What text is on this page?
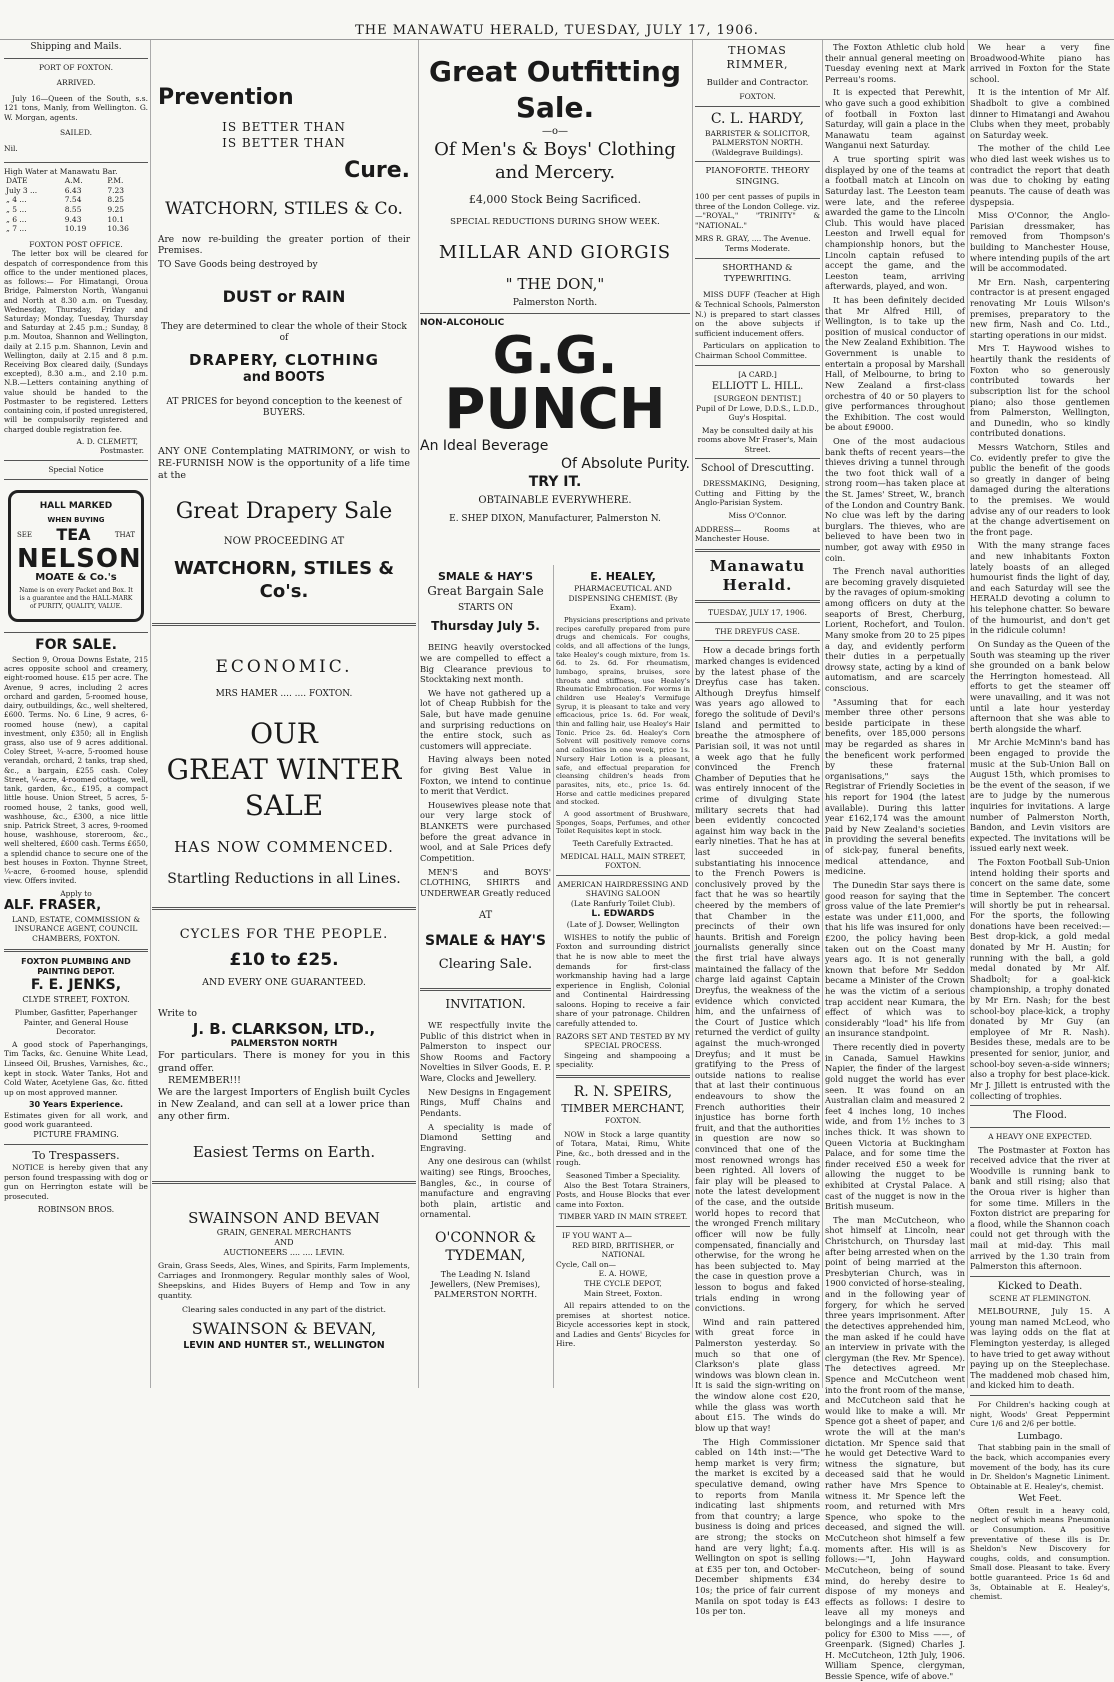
THE MANAWATU HERALD, TUESDAY, JULY 17, 1906.
Shipping and Mails.
PORT OF FOXTON.
ARRIVED.
July 16—Queen of the South, s.s. 121 tons, Manly, from Wellington. G. W. Morgan, agents.
SAILED.
Nil.
High Water at Manawatu Bar.
DATE	A.M.	P.M.
July 3 ...	6.43	7.23
„ 4 ...	7.54	8.25
„ 5 ...	8.55	9.25
„ 6 ...	9.43	10.1
„ 7 ...	10.19	10.36
FOXTON POST OFFICE.
The letter box will be cleared for despatch of correspondence from this office to the under mentioned places, as follows:— For Himatangi, Oroua Bridge, Palmerston North, Wanganui and North at 8.30 a.m. on Tuesday, Wednesday, Thursday, Friday and Saturday; Monday, Tuesday, Thursday and Saturday at 2.45 p.m.; Sunday, 8 p.m. Moutoa, Shannon and Wellington, daily at 2.15 p.m. Shannon, Levin and Wellington, daily at 2.15 and 8 p.m. Receiving Box cleared daily, (Sundays excepted), 8.30 a.m., and 2.10 p.m. N.B.—Letters containing anything of value should be handed to the Postmaster to be registered. Letters containing coin, if posted unregistered, will be compulsorily registered and charged double registration fee.
A. D. CLEMETT,
Postmaster.
Special Notice
HALL MARKED
WHEN BUYING
SEE TEA	THAT
NELSON
MOATE & Co.'s
Name is on every Packet and Box. It is a guarantee and the HALL-MARK of PURITY, QUALITY, VALUE.
FOR SALE.
Section 9, Oroua Downs Estate, 215 acres opposite school and creamery, eight-roomed house. £15 per acre. The Avenue, 9 acres, including 2 acres orchard and garden, 5-roomed house, dairy, outbuildings, &c., well sheltered, £600. Terms. No. 6 Line, 9 acres, 6-roomed house (new), a capital investment, only £350; all in English grass, also use of 9 acres additional. Coley Street, ¼-acre, 5-roomed house verandah, orchard, 2 tanks, trap shed, &c., a bargain, £255 cash. Coley Street, ¼-acre, 4-roomed cottage, well, tank, garden, &c., £195, a compact little house. Union Street, 5 acres, 5-roomed house, 2 tanks, good well, washhouse, &c., £300, a nice little snip. Patrick Street, 3 acres, 9-roomed house, washhouse, storeroom, &c., well sheltered, £600 cash. Terms £650, a splendid chance to secure one of the best houses in Foxton. Thynne Street, ¼-acre, 6-roomed house, splendid view. Offers invited.
Apply to
ALF. FRASER,
LAND, ESTATE, COMMISSION & INSURANCE AGENT, COUNCIL CHAMBERS, FOXTON.
FOXTON PLUMBING AND PAINTING DEPOT.
F. E. JENKS,
CLYDE STREET, FOXTON.
Plumber, Gasfitter, Paperhanger Painter, and General House Decorator.
A good stock of Paperhangings, Tim Tacks, &c. Genuine White Lead, Linseed Oil, Brushes, Varnishes, &c., kept in stock. Water Tanks, Hot and Cold Water, Acetylene Gas, &c. fitted up on most approved manner.
30 Years Experience.
Estimates given for all work, and good work guaranteed.
PICTURE FRAMING.
To Trespassers.
NOTICE is hereby given that any person found trespassing with dog or gun on Herrington estate will be prosecuted.
ROBINSON BROS.
Prevention
IS BETTER THAN
IS BETTER THAN
Cure.
WATCHORN, STILES & Co.
Are now re-building the greater portion of their Premises.
TO Save Goods being destroyed by
DUST or RAIN
They are determined to clear the whole of their Stock of
DRAPERY, CLOTHING
and BOOTS
AT PRICES for beyond conception to the keenest of BUYERS.
ANY ONE Contemplating MATRIMONY, or wish to RE-FURNISH NOW is the opportunity of a life time at the
Great Drapery Sale
NOW PROCEEDING AT
WATCHORN, STILES & Co's.
ECONOMIC.
MRS HAMER .... .... FOXTON.
OUR
GREAT WINTER
SALE
HAS NOW COMMENCED.
Startling Reductions in all Lines.
CYCLES FOR THE PEOPLE.
£10 to £25.
AND EVERY ONE GUARANTEED.
Write to
J. B. CLARKSON, LTD.,
PALMERSTON NORTH
For particulars. There is money for you in this grand offer.
REMEMBER!!!
We are the largest Importers of English built Cycles in New Zealand, and can sell at a lower price than any other firm.
Easiest Terms on Earth.
SWAINSON AND BEVAN
GRAIN, GENERAL MERCHANTS
AND
AUCTIONEERS .... .... LEVIN.
Grain, Grass Seeds, Ales, Wines, and Spirits, Farm Implements, Carriages and Ironmongery. Regular monthly sales of Wool, Sheepskins, and Hides Buyers of Hemp and Tow in any quantity.
Clearing sales conducted in any part of the district.
SWAINSON & BEVAN,
LEVIN AND HUNTER ST., WELLINGTON
Great Outfitting
Sale.
—o—
Of Men's & Boys' Clothing
and Mercery.
£4,000 Stock Being Sacrificed.
SPECIAL REDUCTIONS DURING SHOW WEEK.
MILLAR AND GIORGIS
" THE DON,"
Palmerston North.
NON-ALCOHOLIC
G.G.
PUNCH
An Ideal Beverage
Of Absolute Purity.
TRY IT.
OBTAINABLE EVERYWHERE.
E. SHEP DIXON, Manufacturer, Palmerston N.
SMALE & HAY'S
Great Bargain Sale
STARTS ON
Thursday July 5.
BEING heavily overstocked we are compelled to effect a Big Clearance previous to Stocktaking next month.
We have not gathered up a lot of Cheap Rubbish for the Sale, but have made genuine and surprising reductions on the entire stock, such as customers will appreciate.
Having always been noted for giving Best Value in Foxton, we intend to continue to merit that Verdict.
Housewives please note that our very large stock of BLANKETS were purchased before the great advance in wool, and at Sale Prices defy Competition.
MEN'S and BOYS' CLOTHING, SHIRTS and UNDERWEAR Greatly reduced
AT
SMALE & HAY'S
Clearing Sale.
INVITATION.
WE respectfully invite the Public of this district when in Palmerston to inspect our Show Rooms and Factory Novelties in Silver Goods, E. P. Ware, Clocks and Jewellery.
New Designs in Engagement Rings, Muff Chains and Pendants.
A speciality is made of Diamond Setting and Engraving.
Any one desirous can (whilst waiting) see Rings, Brooches, Bangles, &c., in course of manufacture and engraving both plain, artistic and ornamental.
O'CONNOR &
TYDEMAN,
The Leading N. Island Jewellers, (New Premises),
PALMERSTON NORTH.
E. HEALEY,
PHARMACEUTICAL AND DISPENSING CHEMIST. (By Exam).
Physicians prescriptions and private recipes carefully prepared from pure drugs and chemicals. For coughs, colds, and all affections of the lungs, take Healey's cough mixture, from 1s. 6d. to 2s. 6d. For rheumatism, lumbago, sprains, bruises, sore throats and stiffness, use Healey's Rheumatic Embrocation. For worms in children use Healey's Vermifuge Syrup, it is pleasant to take and very efficacious, price 1s. 6d. For weak, thin and falling hair, use Healey's Hair Tonic. Price 2s. 6d. Healey's Corn Solvent will positively remove corns and callosities in one week, price 1s. Nursery Hair Lotion is a pleasant, safe, and effectual preparation for cleansing children's heads from parasites, nits, etc., price 1s. 6d. Horse and cattle medicines prepared and stocked.
A good assortment of Brushware, Sponges, Soaps, Perfumes, and other Toilet Requisites kept in stock.
Teeth Carefully Extracted.
MEDICAL HALL, MAIN STREET, FOXTON.
AMERICAN HAIRDRESSING AND
SHAVING SALOON
(Late Ranfurly Toilet Club).
L. EDWARDS
(Late of J. Dowser, Wellington
WISHES to notify the public of Foxton and surrounding district that he is now able to meet the demands for first-class workmanship having had a large experience in English, Colonial and Continental Hairdressing saloons. Hoping to receive a fair share of your patronage. Children carefully attended to.
RAZORS SET AND TESTED BY MY SPECIAL PROCESS.
Singeing and shampooing a speciality.
R. N. SPEIRS,
TIMBER MERCHANT,
FOXTON.
NOW in Stock a large quantity of Totara, Matai, Rimu, White Pine, &c., both dressed and in the rough.
Seasoned Timber a Speciality.
Also the Best Totara Strainers, Posts, and House Blocks that ever came into Foxton.
TIMBER YARD IN MAIN STREET.
IF YOU WANT A—
RED BIRD, BRITISHER, or NATIONAL
Cycle, Call on—
E. A. HOWE,
THE CYCLE DEPOT,
Main Street, Foxton.
All repairs attended to on the premises at shortest notice. Bicycle accessories kept in stock, and Ladies and Gents' Bicycles for Hire.
THOMAS RIMMER,
Builder and Contractor.
FOXTON.
C. L. HARDY,
BARRISTER & SOLICITOR,
PALMERSTON NORTH.
(Waldegrave Buildings).
PIANOFORTE. THEORY SINGING.
100 per cent passes of pupils in three of the London College. viz.—"ROYAL," "TRINITY" & "NATIONAL."
MRS R. GRAY, .... The Avenue.
Terms Moderate.
SHORTHAND & TYPEWRITING.
MISS DUFF (Teacher at High & Technical Schools, Palmerston N.) is prepared to start classes on the above subjects if sufficient inducement offers.
Particulars on application to Chairman School Committee.
[A CARD.]
ELLIOTT L. HILL.
[SURGEON DENTIST.]
Pupil of Dr Lowe, D.D.S., L.D.D., Guy's Hospital.
May be consulted daily at his rooms above Mr Fraser's, Main Street.
School of Drescutting.
DRESSMAKING, Designing, Cutting and Fitting by the Anglo-Parisian System.
Miss O'Connor.
ADDRESS— Rooms at Manchester House.
Manawatu Herald.
TUESDAY, JULY 17, 1906.
THE DREYFUS CASE.
How a decade brings forth marked changes is evidenced by the latest phase of the Dreyfus case has taken. Although Dreyfus himself was years ago allowed to forego the solitude of Devil's Island and permitted to breathe the atmosphere of Parisian soil, it was not until a week ago that he fully convinced the French Chamber of Deputies that he was entirely innocent of the crime of divulging State military secrets that had been evidently concocted against him way back in the early nineties. That he has at last succeeded in substantiating his innocence to the French Powers is conclusively proved by the fact that he was so heartily cheered by the members of that Chamber in the precincts of their own haunts. British and Foreign journalists generally since the first trial have always maintained the fallacy of the charge laid against Captain Dreyfus, the weakness of the evidence which convicted him, and the unfairness of the Court of Justice which returned the verdict of guilty against the much-wronged Dreyfus; and it must be gratifying to the Press of outside nations to realise that at last their continuous endeavours to show the French authorities their injustice has borne forth fruit, and that the authorities in question are now so convinced that one of the most renowned wrongs has been righted. All lovers of fair play will be pleased to note the latest development of the case, and the outside world hopes to record that the wronged French military officer will now be fully compensated, financially and otherwise, for the wrong he has been subjected to. May the case in question prove a lesson to bogus and faked trials ending in wrong convictions.
Wind and rain pattered with great force in Palmerston yesterday. So much so that one of Clarkson's plate glass windows was blown clean in. It is said the sign-writing on the window alone cost £20, while the glass was worth about £15. The winds do blow up that way!
The High Commissioner cabled on 14th inst:—"The hemp market is very firm; the market is excited by a speculative demand, owing to reports from Manila indicating last shipments from that country; a large business is doing and prices are strong; the stocks on hand are very light; f.a.q. Wellington on spot is selling at £35 per ton, and October-December shipments £34 10s; the price of fair current Manila on spot today is £43 10s per ton.
The Foxton Athletic club hold their annual general meeting on Tuesday evening next at Mark Perreau's rooms.
It is expected that Perewhit, who gave such a good exhibition of football in Foxton last Saturday, will gain a place in the Manawatu team against Wanganui next Saturday.
A true sporting spirit was displayed by one of the teams at a football match at Lincoln on Saturday last. The Leeston team were late, and the referee awarded the game to the Lincoln Club. This would have placed Leeston and Irwell equal for championship honors, but the Lincoln captain refused to accept the game, and the Leeston team, arriving afterwards, played, and won.
It has been definitely decided that Mr Alfred Hill, of Wellington, is to take up the position of musical conductor of the New Zealand Exhibition. The Government is unable to entertain a proposal by Marshall Hall, of Melbourne, to bring to New Zealand a first-class orchestra of 40 or 50 players to give performances throughout the Exhibition. The cost would be about £9000.
One of the most audacious bank thefts of recent years—the thieves driving a tunnel through the two foot thick wall of a strong room—has taken place at the St. James' Street, W., branch of the London and Country Bank. No clue was left by the daring burglars. The thieves, who are believed to have been two in number, got away with £950 in coin.
The French naval authorities are becoming gravely disquieted by the ravages of opium-smoking among officers on duty at the seaports of Brest, Cherburg, Lorient, Rochefort, and Toulon. Many smoke from 20 to 25 pipes a day, and evidently perform their duties in a perpetually drowsy state, acting by a kind of automatism, and are scarcely conscious.
"Assuming that for each member three other persons beside participate in these benefits, over 185,000 persons may be regarded as shares in the beneficent work performed by these fraternal organisations," says the Registrar of Friendly Societies in his report for 1904 (the latest available). During this latter year £162,174 was the amount paid by New Zealand's societies in providing the several benefits of sick-pay, funeral benefits, medical attendance, and medicine.
The Dunedin Star says there is good reason for saying that the gross value of the late Premier's estate was under £11,000, and that his life was insured for only £200, the policy having been taken out on the Coast many years ago. It is not generally known that before Mr Seddon became a Minister of the Crown he was the victim of a serious trap accident near Kumara, the effect of which was to considerably "load" his life from an insurance standpoint.
There recently died in poverty in Canada, Samuel Hawkins Napier, the finder of the largest gold nugget the world has ever seen. It was found on an Australian claim and measured 2 feet 4 inches long, 10 inches wide, and from 1½ inches to 3 inches thick. It was shown to Queen Victoria at Buckingham Palace, and for some time the finder received £50 a week for allowing the nugget to be exhibited at Crystal Palace. A cast of the nugget is now in the British museum.
The man McCutcheon, who shot himself at Lincoln, near Christchurch, on Thursday last after being arrested when on the point of being married at the Presbyterian Church, was in 1900 convicted of horse-stealing, and in the following year of forgery, for which he served three years imprisonment. After the detectives apprehended him, the man asked if he could have an interview in private with the clergyman (the Rev. Mr Spence). The detectives agreed. Mr Spence and McCutcheon went into the front room of the manse, and McCutcheon said that he would like to make a will. Mr Spence got a sheet of paper, and wrote the will at the man's dictation. Mr Spence said that he would get Detective Ward to witness the signature, but deceased said that he would rather have Mrs Spence to witness it. Mr Spence left the room, and returned with Mrs Spence, who spoke to the deceased, and signed the will. McCutcheon shot himself a few moments after. His will is as follows:—"I, John Hayward McCutcheon, being of sound mind, do hereby desire to dispose of my moneys and effects as follows: I desire to leave all my moneys and belongings and a life insurance policy for £300 to Miss ——, of Greenpark. (Signed) Charles J. H. McCutcheon, 12th July, 1906. William Spence, clergyman, Bessie Spence, wife of above."
We hear a very fine Broadwood-White piano has arrived in Foxton for the State school.
It is the intention of Mr Alf. Shadbolt to give a combined dinner to Himatangi and Awahou Clubs when they meet, probably on Saturday week.
The mother of the child Lee who died last week wishes us to contradict the report that death was due to choking by eating peanuts. The cause of death was dyspepsia.
Miss O'Connor, the Anglo-Parisian dressmaker, has removed from Thompson's building to Manchester House, where intending pupils of the art will be accommodated.
Mr Ern. Nash, carpentering contractor is at present engaged renovating Mr Louis Wilson's premises, preparatory to the new firm, Nash and Co. Ltd., starting operations in our midst.
Mrs T. Haywood wishes to heartily thank the residents of Foxton who so generously contributed towards her subscription list for the school piano; also those gentlemen from Palmerston, Wellington, and Dunedin, who so kindly contributed donations.
Messrs Watchorn, Stiles and Co. evidently prefer to give the public the benefit of the goods so greatly in danger of being damaged during the alterations to the premises. We would advise any of our readers to look at the change advertisement on the front page.
With the many strange faces and new inhabitants Foxton lately boasts of an alleged humourist finds the light of day, and each Saturday will see the HERALD devoting a column to his telephone chatter. So beware of the humourist, and don't get in the ridicule column!
On Sunday as the Queen of the South was steaming up the river she grounded on a bank below the Herrington homestead. All efforts to get the steamer off were unavailing, and it was not until a late hour yesterday afternoon that she was able to berth alongside the wharf.
Mr Archie McMinn's band has been engaged to provide the music at the Sub-Union Ball on August 15th, which promises to be the event of the season, if we are to judge by the numerous inquiries for invitations. A large number of Palmerston North, Bandon, and Levin visitors are expected. The invitations will be issued early next week.
The Foxton Football Sub-Union intend holding their sports and concert on the same date, some time in September. The concert will shortly be put in rehearsal. For the sports, the following donations have been received:—Best drop-kick, a gold medal donated by Mr H. Austin; for running with the ball, a gold medal donated by Mr Alf. Shadbolt; for a goal-kick championship, a trophy donated by Mr Ern. Nash; for the best school-boy place-kick, a trophy donated by Mr Guy (an employee of Mr R. Nash). Besides these, medals are to be presented for senior, junior, and school-boy seven-a-side winners; also a trophy for best place-kick. Mr J. Jillett is entrusted with the collecting of trophies.
The Flood.
A HEAVY ONE EXPECTED.
The Postmaster at Foxton has received advice that the river at Woodville is running bank to bank and still rising; also that the Oroua river is higher than for some time. Millers in the Foxton district are preparing for a flood, while the Shannon coach could not get through with the mail at mid-day. This mail arrived by the 1.30 train from Palmerston this afternoon.
Kicked to Death.
SCENE AT FLEMINGTON.
MELBOURNE, July 15. A young man named McLeod, who was laying odds on the flat at Flemington yesterday, is alleged to have tried to get away without paying up on the Steeplechase. The maddened mob chased him, and kicked him to death.
For Children's hacking cough at night, Woods' Great Peppermint Cure 1/6 and 2/6 per bottle.
Lumbago.
That stabbing pain in the small of the back, which accompanies every movement of the body, has its cure in Dr. Sheldon's Magnetic Liniment. Obtainable at E. Healey's, chemist.
Wet Feet.
Often result in a heavy cold, neglect of which means Pneumonia or Consumption. A positive preventative of these ills is Dr. Sheldon's New Discovery for coughs, colds, and consumption. Small dose. Pleasant to take. Every bottle guaranteed. Price 1s 6d and 3s, Obtainable at E. Healey's, chemist.
